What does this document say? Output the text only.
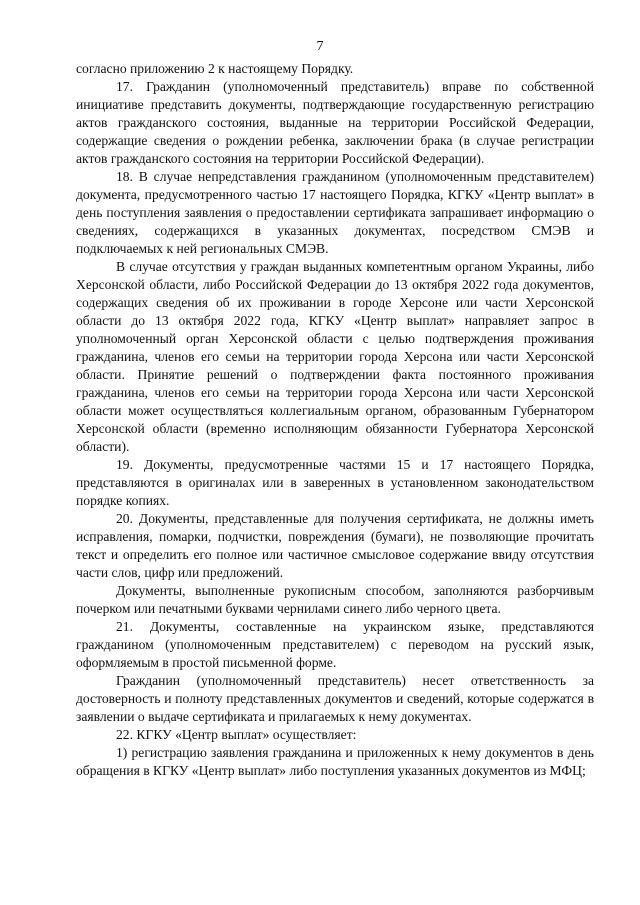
7

согласно приложению 2 к настоящему Порядку.

17. Гражданин (уполномоченный представитель) вправе по собственной инициативе представить документы, подтверждающие государственную регистрацию актов гражданского состояния, выданные на территории Российской Федерации, содержащие сведения о рождении ребенка, заключении брака (в случае регистрации актов гражданского состояния на территории Российской Федерации).

18. В случае непредставления гражданином (уполномоченным представителем) документа, предусмотренного частью 17 настоящего Порядка, КГКУ «Центр выплат» в день поступления заявления о предоставлении сертификата запрашивает информацию о сведениях, содержащихся в указанных документах, посредством СМЭВ и подключаемых к ней региональных СМЭВ.

В случае отсутствия у граждан выданных компетентным органом Украины, либо Херсонской области, либо Российской Федерации до 13 октября 2022 года документов, содержащих сведения об их проживании в городе Херсоне или части Херсонской области до 13 октября 2022 года, КГКУ «Центр выплат» направляет запрос в уполномоченный орган Херсонской области с целью подтверждения проживания гражданина, членов его семьи на территории города Херсона или части Херсонской области. Принятие решений о подтверждении факта постоянного проживания гражданина, членов его семьи на территории города Херсона или части Херсонской области может осуществляться коллегиальным органом, образованным Губернатором Херсонской области (временно исполняющим обязанности Губернатора Херсонской области).

19. Документы, предусмотренные частями 15 и 17 настоящего Порядка, представляются в оригиналах или в заверенных в установленном законодательством порядке копиях.

20. Документы, представленные для получения сертификата, не должны иметь исправления, помарки, подчистки, повреждения (бумаги), не позволяющие прочитать текст и определить его полное или частичное смысловое содержание ввиду отсутствия части слов, цифр или предложений.

Документы, выполненные рукописным способом, заполняются разборчивым почерком или печатными буквами чернилами синего либо черного цвета.

21. Документы, составленные на украинском языке, представляются гражданином (уполномоченным представителем) с переводом на русский язык, оформляемым в простой письменной форме.

Гражданин (уполномоченный представитель) несет ответственность за достоверность и полноту представленных документов и сведений, которые содержатся в заявлении о выдаче сертификата и прилагаемых к нему документах.

22. КГКУ «Центр выплат» осуществляет:

1) регистрацию заявления гражданина и приложенных к нему документов в день обращения в КГКУ «Центр выплат» либо поступления указанных документов из МФЦ;
